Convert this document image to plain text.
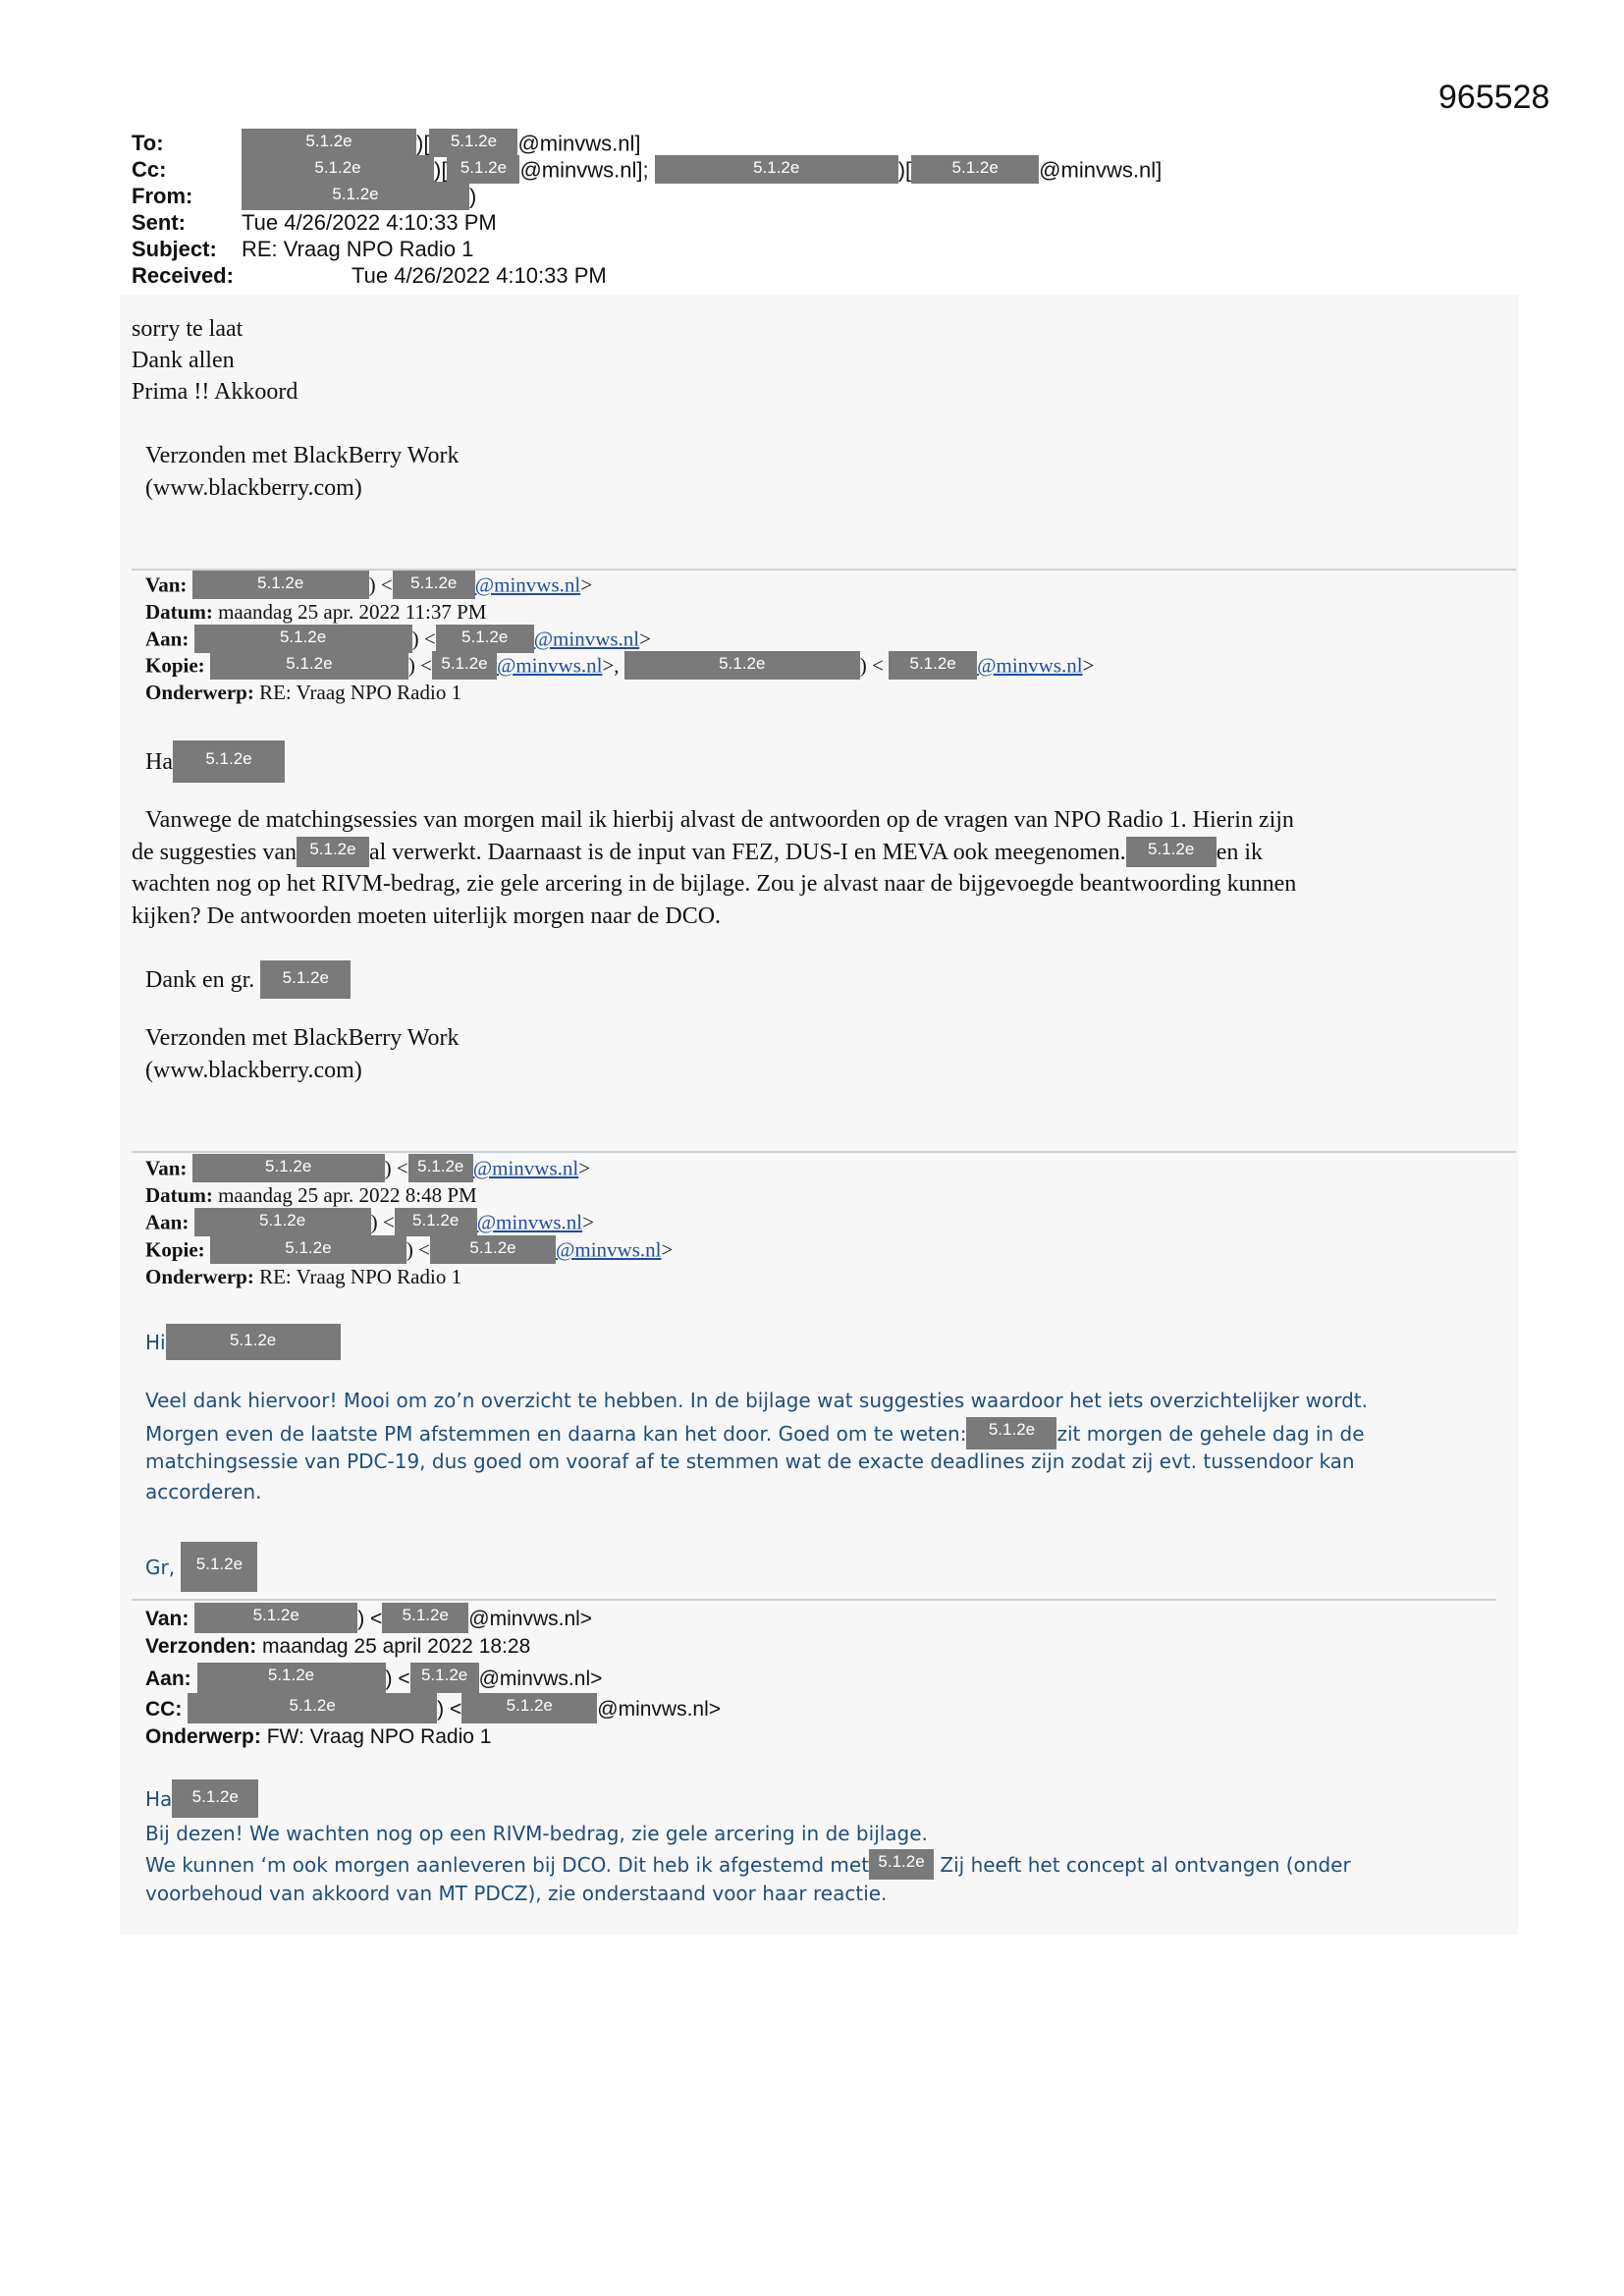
965528
To:	5.1.2e	)[ 5.1.2e @minvws.nl]
Cc:	5.1.2e	)[ 5.1.2e @minvws.nl];	5.1.2e	)[ 5.1.2e @minvws.nl]
From:	5.1.2e	)
Sent:	Tue 4/26/2022 4:10:33 PM
Subject: RE: Vraag NPO Radio 1
Received:	Tue 4/26/2022 4:10:33 PM
sorry te laat
Dank allen
Prima !! Akkoord
Verzonden met BlackBerry Work
(www.blackberry.com)
Van:	5.1.2e	) < 5.1.2e @minvws.nl>
Datum: maandag 25 apr. 2022 11:37 PM
Aan:	5.1.2e	) < 5.1.2e @minvws.nl>
Kopie:	5.1.2e	) < 5.1.2e @minvws.nl>,	5.1.2e	) < 5.1.2e @minvws.nl>
Onderwerp: RE: Vraag NPO Radio 1
Ha 5.1.2e
Vanwege de matchingsessies van morgen mail ik hierbij alvast de antwoorden op de vragen van NPO Radio 1. Hierin zijn
de suggesties van 5.1.2e al verwerkt. Daarnaast is de input van FEZ, DUS-I en MEVA ook meegenomen. 5.1.2e en ik
wachten nog op het RIVM-bedrag, zie gele arcering in de bijlage. Zou je alvast naar de bijgevoegde beantwoording kunnen
kijken? De antwoorden moeten uiterlijk morgen naar de DCO.
Dank en gr. 5.1.2e
Verzonden met BlackBerry Work
(www.blackberry.com)
Van:	5.1.2e	) < 5.1.2e @minvws.nl>
Datum: maandag 25 apr. 2022 8:48 PM
Aan:	5.1.2e	) < 5.1.2e @minvws.nl>
Kopie:	5.1.2e	) < 5.1.2e @minvws.nl>
Onderwerp: RE: Vraag NPO Radio 1
Hi	5.1.2e
Veel dank hiervoor! Mooi om zo’n overzicht te hebben. In de bijlage wat suggesties waardoor het iets overzichtelijker wordt.
Morgen even de laatste PM afstemmen en daarna kan het door. Goed om te weten: 5.1.2e zit morgen de gehele dag in de
matchingsessie van PDC-19, dus goed om vooraf af te stemmen wat de exacte deadlines zijn zodat zij evt. tussendoor kan
accorderen.
Gr, 5.1.2e
Van:	5.1.2e	) < 5.1.2e @minvws.nl>
Verzonden: maandag 25 april 2022 18:28
Aan:	5.1.2e	) < 5.1.2e @minvws.nl>
CC:	5.1.2e	) <	5.1.2e @minvws.nl>
Onderwerp: FW: Vraag NPO Radio 1
Ha 5.1.2e
Bij dezen! We wachten nog op een RIVM-bedrag, zie gele arcering in de bijlage.
We kunnen ‘m ook morgen aanleveren bij DCO. Dit heb ik afgestemd met 5.1.2e Zij heeft het concept al ontvangen (onder
voorbehoud van akkoord van MT PDCZ), zie onderstaand voor haar reactie.
